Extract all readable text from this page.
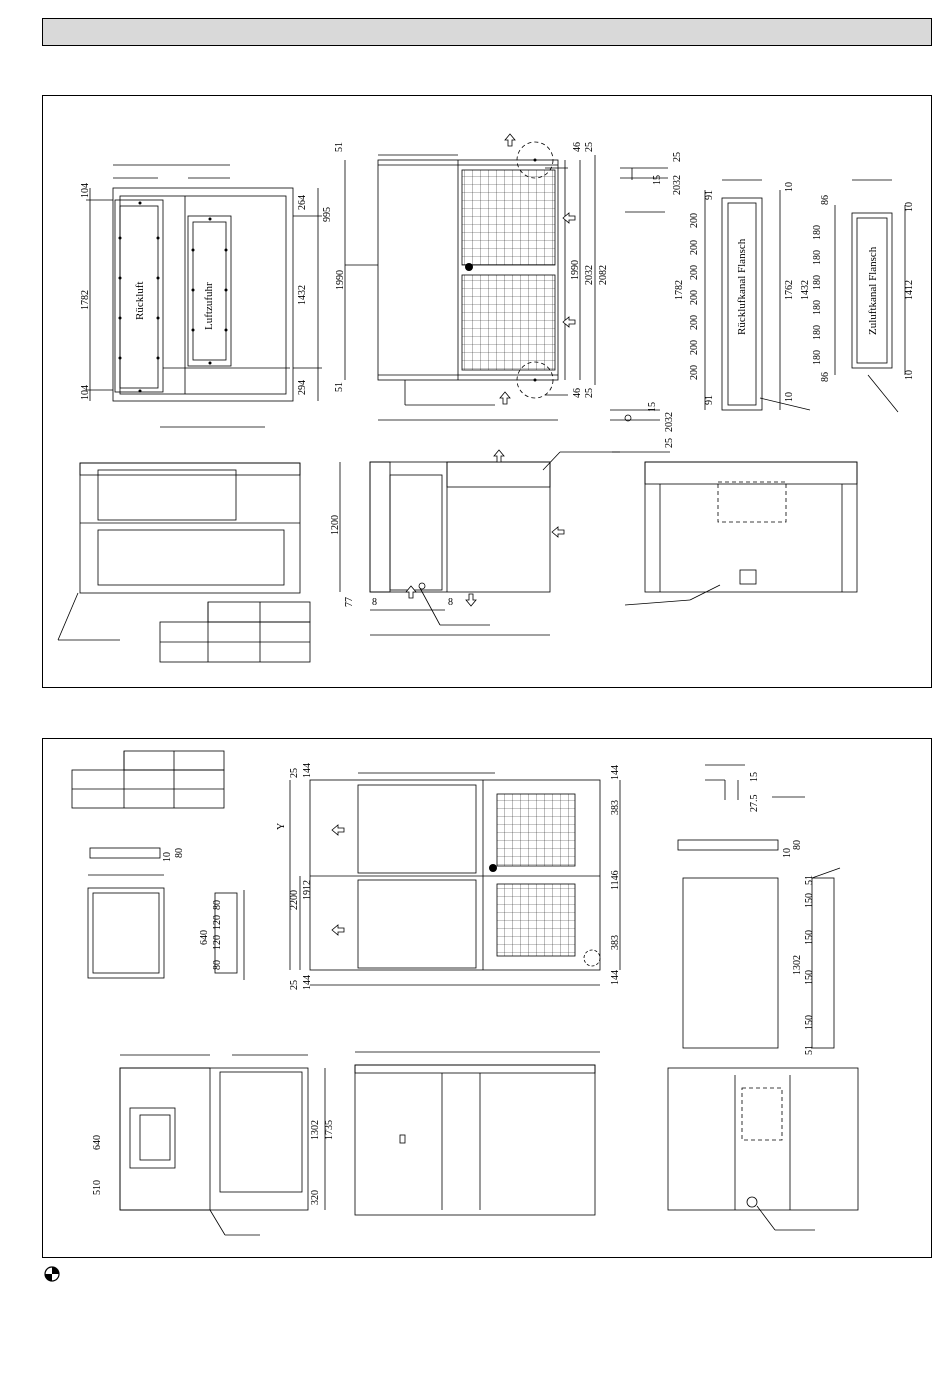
Rückluft	Luftzufuhr	Rücklufkanal Flansch	Zuluftkanal Flansch
104
1782
104
264
1432
294
51
995
1990
51
46 25
1990 2032 2082
46 25
25
15 2032
15
2032
25
91
200
200
200
200
200
200
200
1782
91
10
1762
10
86
180
180
180
180
180
180
1432	1412
86
10
10
1200
77 8	8
25 144
Y
2200 1912
25 144
144
383
1146
383
144
15
27.5
80
10
640
80
120
120
80
80
10
51
150
150
1302
150
150
51
640
510
1302 1735
320
